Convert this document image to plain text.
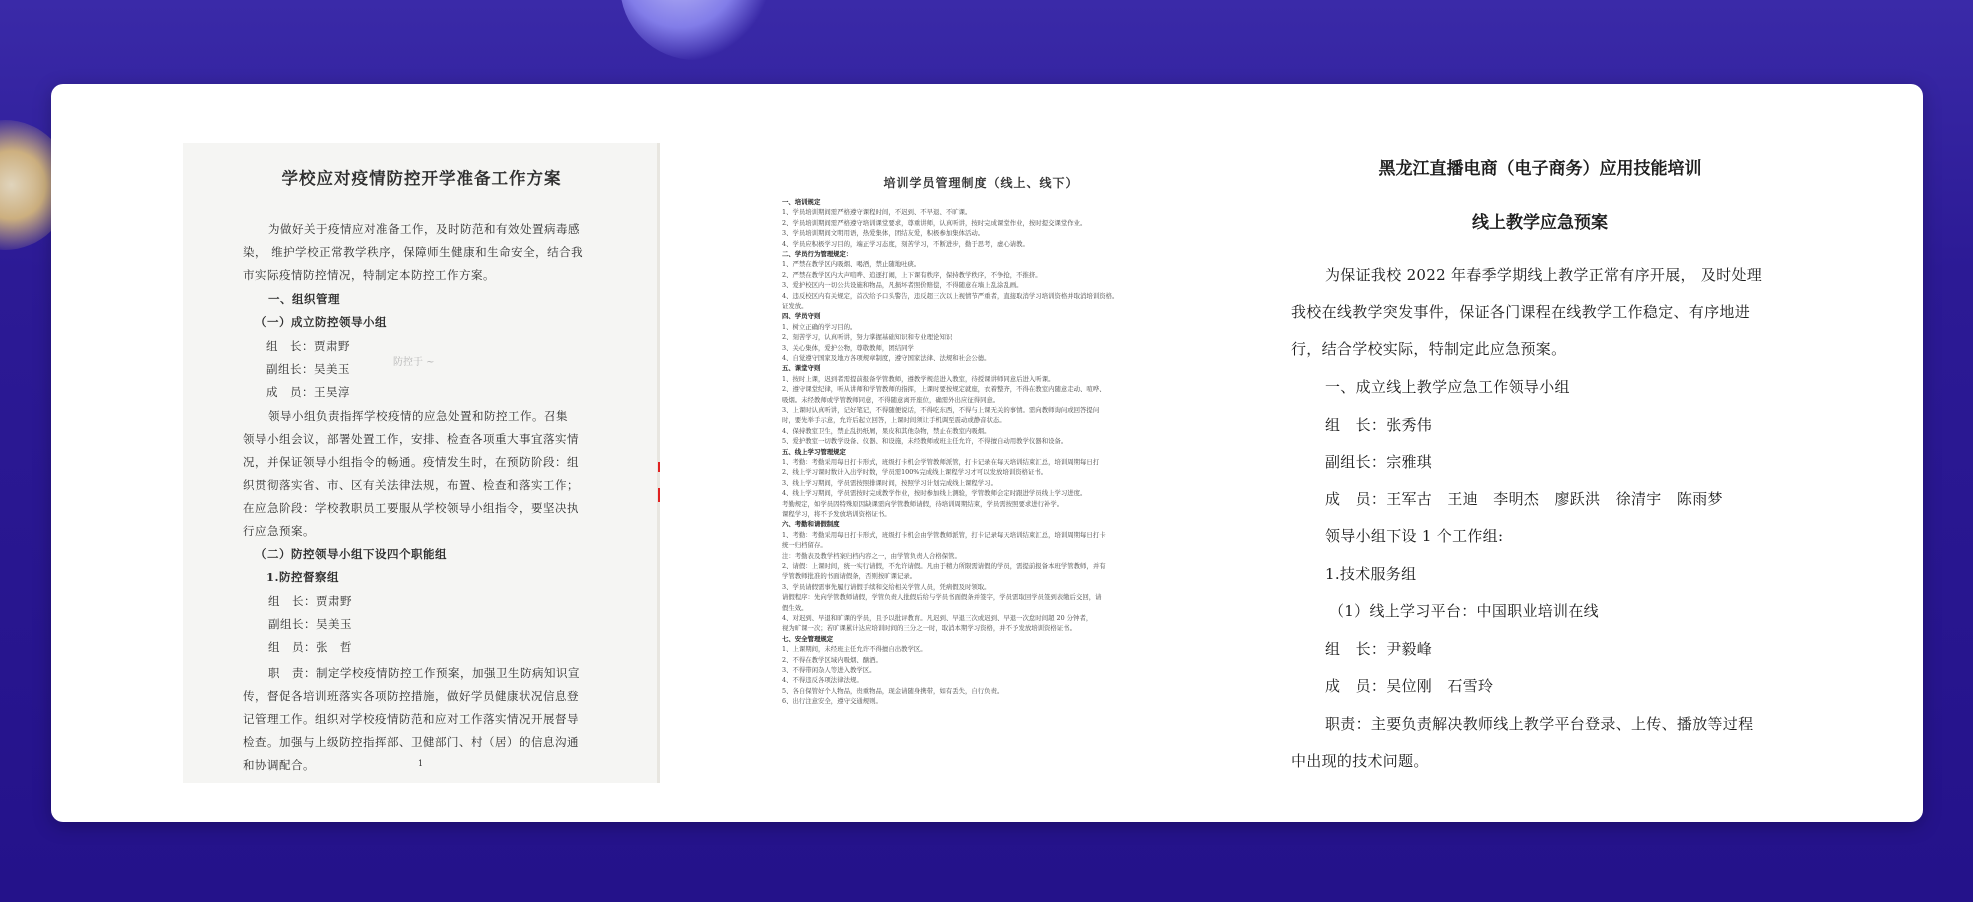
学校应对疫情防控开学准备工作方案
为做好关于疫情应对准备工作，及时防范和有效处置病毒感
染， 维护学校正常教学秩序，保障师生健康和生命安全，结合我
市实际疫情防控情况，特制定本防控工作方案。
一、组织管理
（一）成立防控领导小组
组　长：贾肃野
副组长：吴美玉	防控于 ~
成　员：王昊淳
领导小组负责指挥学校疫情的应急处置和防控工作。召集
领导小组会议，部署处置工作，安排、检查各项重大事宜落实情
况，并保证领导小组指令的畅通。疫情发生时，在预防阶段：组
织贯彻落实省、市、区有关法律法规，布置、检查和落实工作；
在应急阶段：学校教职员工要服从学校领导小组指令，要坚决执
行应急预案。
（二）防控领导小组下设四个职能组
1.防控督察组
组　长：贾肃野
副组长：吴美玉
组　员：张　哲
职　责：制定学校疫情防控工作预案，加强卫生防病知识宣
传，督促各培训班落实各项防控措施，做好学员健康状况信息登
记管理工作。组织对学校疫情防范和应对工作落实情况开展督导
检查。加强与上级防控指挥部、卫健部门、村（居）的信息沟通
和协调配合。	1
培训学员管理制度（线上、线下）
一、培训规定
1、学员培训期间需严格遵守课程时间，不迟到、不早退、不旷课。
2、学员培训期间需严格遵守培训课堂要求，尊重讲师，认真听讲，按时完成课堂作业，按时提交课堂作业。
3、学员培训期间文明用语，热爱集体，团结友爱，积极参加集体活动。
4、学员应积极学习目的，端正学习态度，刻苦学习，不断进步，勤于思考，虚心请教。
二、学员行为管理规定：
1、严禁在教学区内吸烟、喝酒，禁止随地吐痰。
2、严禁在教学区内大声喧哗、追逐打闹，上下课有秩序，保持教学秩序，不争抢，不推挤。
3、爱护校区内一切公共设施和物品，凡损坏者照价赔偿，不得随意在墙上乱涂乱画。
4、违反校区内有关规定，首次给予口头警告，违反超三次以上视情节严重者，直接取消学习培训资格并取消培训资格。
证发放。
四、学员守则
1、树立正确的学习目的。
2、刻苦学习，认真听讲，努力掌握基础知识和专业理论知识
3、关心集体，爱护公物，尊敬教师，团结同学
4、自觉遵守国家及地方各项规章制度，遵守国家法律、法规和社会公德。
五、课堂守则
1、按时上课，迟到者需提前报备学管教师，遵教学规范进入教室，待授课讲师同意后进入听课。
2、遵守课堂纪律，听从讲师和学管教师的指挥，上课时要按规定就座，衣着整齐，不得在教室内随意走动、喧哗、
吸烟。未经教师或学管教师同意，不得随意离开座位，确需外出应征得同意。
3、上课时认真听讲，记好笔记，不得随便说话，不得吃东西，不得与上课无关的事情。需向教师询问或回答提问
时，要先举手示意，允许后起立回答，上课时间须让手机调至震动或静音状态。
4、保持教室卫生，禁止乱扔纸屑，果皮和其他杂物，禁止在教室内吸烟。
5、爱护教室一切教学设备、仪器、和设施，未经教师或班主任允许，不得擅自动用教学仪器和设备。
五、线上学习管理规定
1、考勤：考勤采用每日打卡形式，班级打卡机会学管教师派管，打卡记录在每天培训结束汇总，培训周期每日打
2、线上学习课时数计入出学时数，学员需100%完成线上课程学习才可以发放培训资格证书。
3、线上学习期间，学员需按照排课时间，按照学习计划完成线上课程学习。
4、线上学习期间，学员需按时完成教学作业，按时参加线上测验，学管教师会定时跟进学员线上学习进度。
考勤规定，如学员因特殊原因缺课需向学管教师请假，待培训周期结束，学员需按照要求进行补学。
课程学习，将不予发放培训资格证书。
六、考勤和请假制度
1、考勤：考勤采用每日打卡形式，班级打卡机会由学管教师派管，打卡记录每天培训结束汇总，培训周期每日打卡
统一归档留存。
注：考勤表及教学档案归档内容之一，由学管负责人合格保管。
2、请假：上课时间，统一实行请假，不允许请假。凡由于精力所限需请假的学员，需提前报备本班学管教师，并有
学管教师批准的书面请假条，否则按旷课记录。
3、学员请假需事先履行请假手续和交给相关学管人员，凭病假及时领取。
请假程序：先向学管教师请假，学管负责人批假后给与学员书面假条并签字，学员需取回学员签到表缴后交回，请
假生效。
4、对迟到、早退和旷课的学员，且予以批评教育。凡迟到、早退三次或迟到、早退一次怠时间超 20 分钟者，
视为旷课一次；若旷课累计达应培训时间的三分之一时，取消本期学习资格，并不予发放培训资格证书。
七、安全管理规定
1、上课期间，未经班主任允许不得擅自出教学区。
2、不得在教学区域内吸烟、酗酒。
3、不得带闲杂人等进入教学区。
4、不得违反各项法律法规。
5、各自保管好个人物品，贵重物品，现金请随身携带，如有丢失，自行负责。
6、出行注意安全，遵守交通规则。
黑龙江直播电商（电子商务）应用技能培训
线上教学应急预案
为保证我校 2022 年春季学期线上教学正常有序开展， 及时处理
我校在线教学突发事件，保证各门课程在线教学工作稳定、有序地进
行，结合学校实际，特制定此应急预案。
一、成立线上教学应急工作领导小组
组　长：张秀伟
副组长：宗雅琪
成　员：王军古　王迪　李明杰　廖跃洪　徐清宇　陈雨梦
领导小组下设 1 个工作组:
1.技术服务组
（1）线上学习平台：中国职业培训在线
组　长：尹毅峰
成　员：吴位刚　石雪玲
职责：主要负责解决教师线上教学平台登录、上传、播放等过程
中出现的技术问题。
